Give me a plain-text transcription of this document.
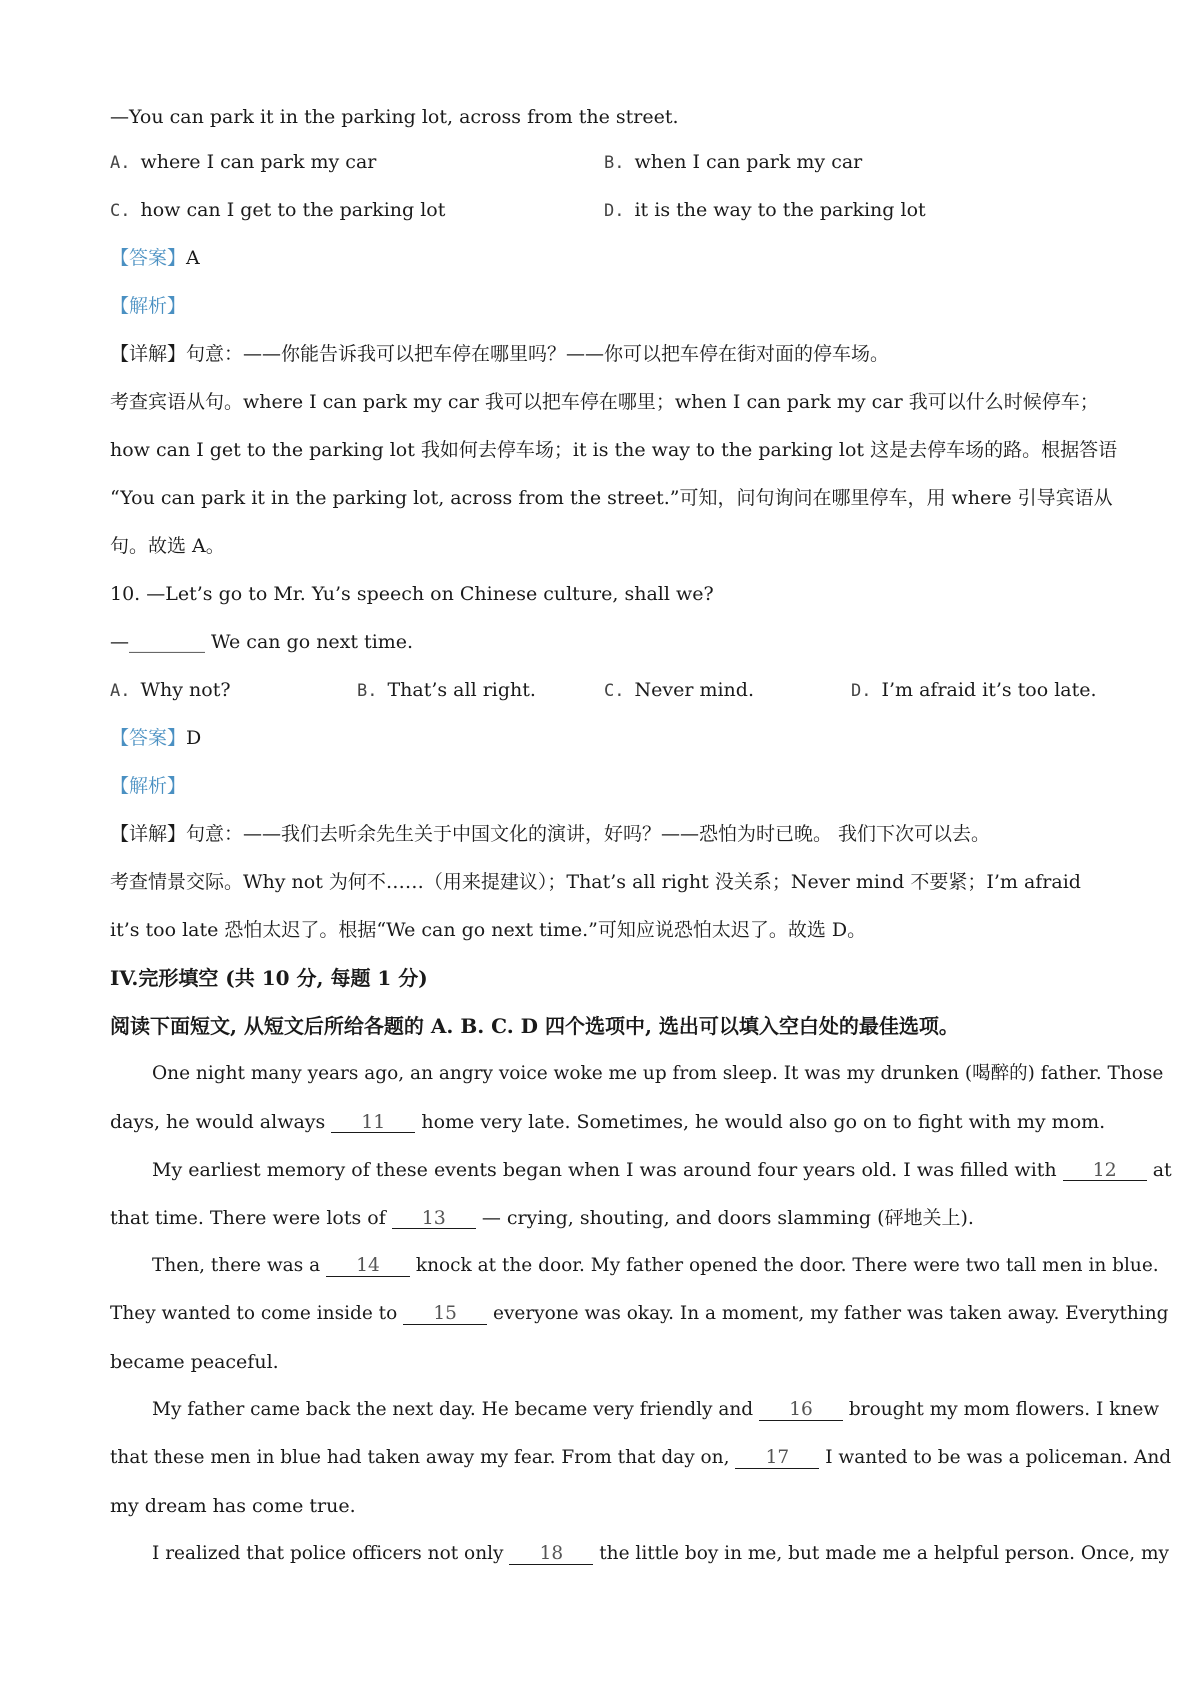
—You can park it in the parking lot, across from the street.
A. where I can park my car	B. when I can park my car
C. how can I get to the parking lot	D. it is the way to the parking lot
【答案】A
【解析】
【详解】句意：——你能告诉我可以把车停在哪里吗？——你可以把车停在街对面的停车场。
考查宾语从句。where I can park my car 我可以把车停在哪里；when I can park my car 我可以什么时候停车；
how can I get to the parking lot 我如何去停车场；it is the way to the parking lot 这是去停车场的路。根据答语
“You can park it in the parking lot, across from the street.”可知，问句询问在哪里停车，用 where 引导宾语从
句。故选 A。
10. —Let’s go to Mr. Yu’s speech on Chinese culture, shall we?
—________ We can go next time.
A. Why not?	B. That’s all right.	C. Never mind.	D. I’m afraid it’s too late.
【答案】D
【解析】
【详解】句意：——我们去听余先生关于中国文化的演讲，好吗？——恐怕为时已晚。 我们下次可以去。
考查情景交际。Why not 为何不……（用来提建议）；That’s all right 没关系；Never mind 不要紧；I’m afraid
it’s too late 恐怕太迟了。根据“We can go next time.”可知应说恐怕太迟了。故选 D。
IV.完形填空 (共 10 分, 每题 1 分)
阅读下面短文, 从短文后所给各题的 A. B. C. D 四个选项中, 选出可以填入空白处的最佳选项。
One night many years ago, an angry voice woke me up from sleep. It was my drunken (喝醉的) father. Those
days, he would always 11 home very late. Sometimes, he would also go on to fight with my mom.
My earliest memory of these events began when I was around four years old. I was filled with 12 at
that time. There were lots of 13 — crying, shouting, and doors slamming (砰地关上).
Then, there was a 14 knock at the door. My father opened the door. There were two tall men in blue.
They wanted to come inside to 15 everyone was okay. In a moment, my father was taken away. Everything
became peaceful.
My father came back the next day. He became very friendly and 16 brought my mom flowers. I knew
that these men in blue had taken away my fear. From that day on, 17 I wanted to be was a policeman. And
my dream has come true.
I realized that police officers not only 18 the little boy in me, but made me a helpful person. Once, my
